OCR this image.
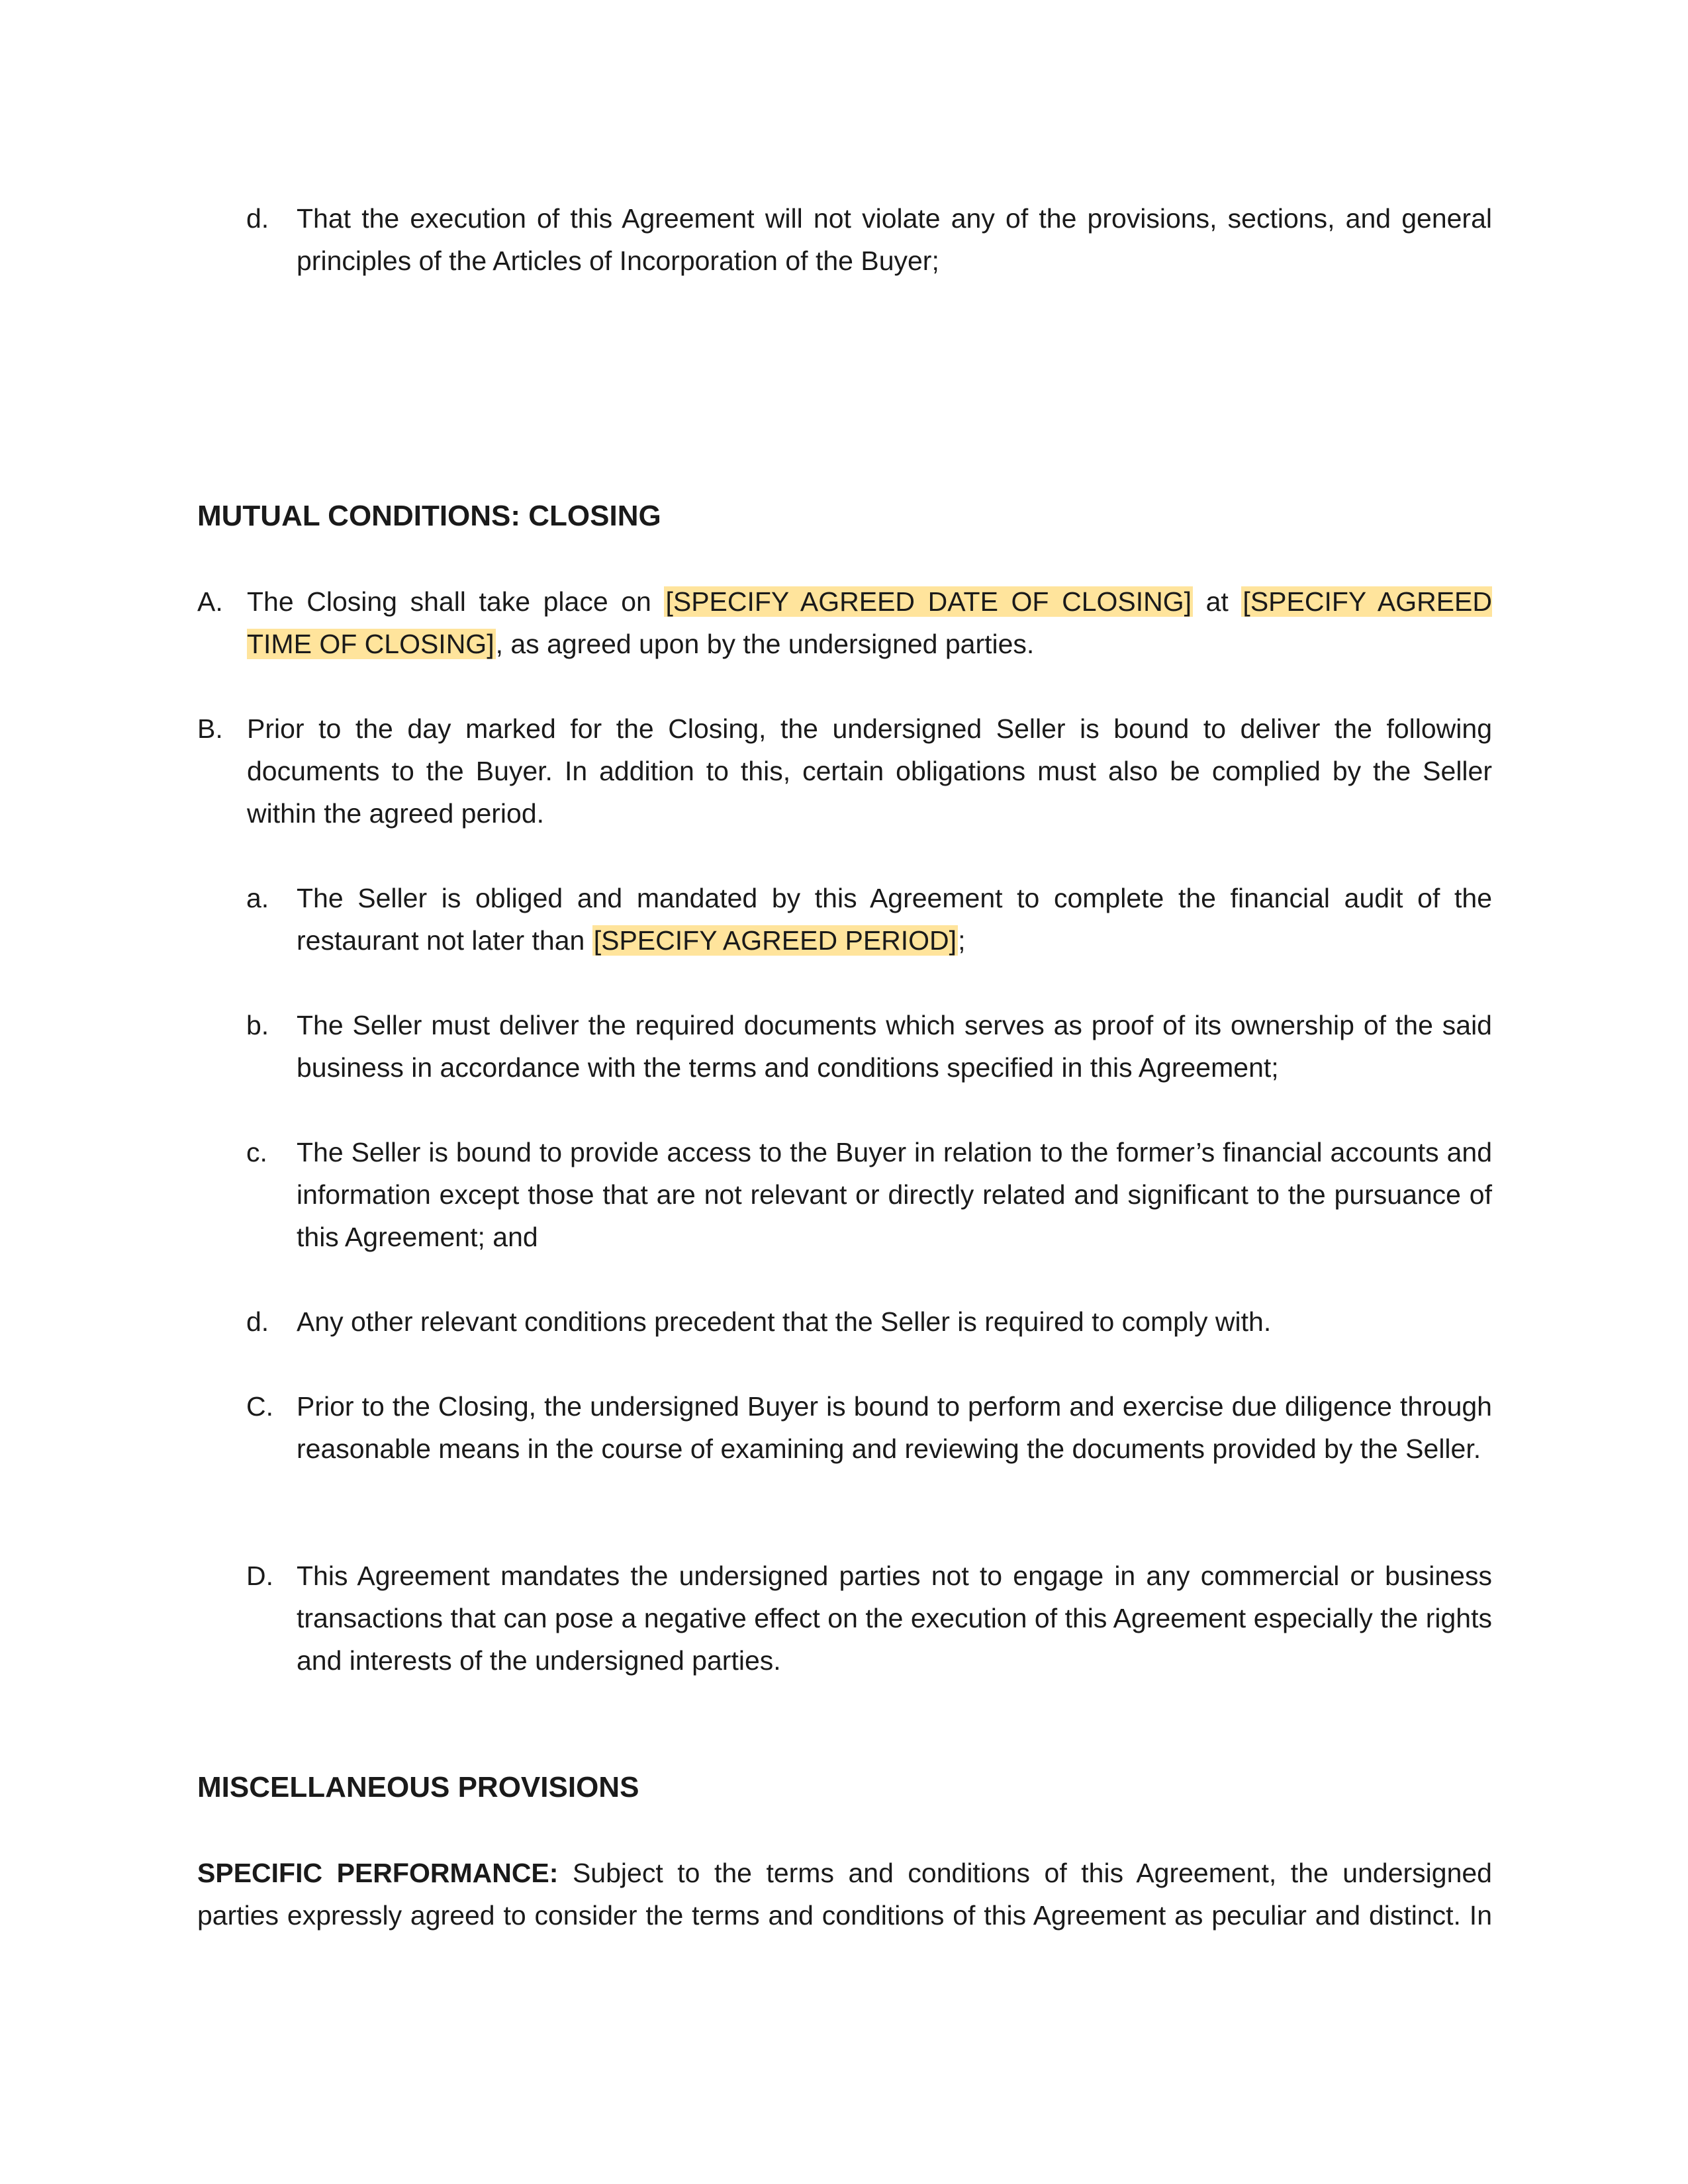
d. That the execution of this Agreement will not violate any of the provisions, sections, and general principles of the Articles of Incorporation of the Buyer;
MUTUAL CONDITIONS: CLOSING
A. The Closing shall take place on [SPECIFY AGREED DATE OF CLOSING] at [SPECIFY AGREED TIME OF CLOSING], as agreed upon by the undersigned parties.
B. Prior to the day marked for the Closing, the undersigned Seller is bound to deliver the following documents to the Buyer. In addition to this, certain obligations must also be complied by the Seller within the agreed period.
a. The Seller is obliged and mandated by this Agreement to complete the financial audit of the restaurant not later than [SPECIFY AGREED PERIOD];
b. The Seller must deliver the required documents which serves as proof of its ownership of the said business in accordance with the terms and conditions specified in this Agreement;
c. The Seller is bound to provide access to the Buyer in relation to the former’s financial accounts and information except those that are not relevant or directly related and significant to the pursuance of this Agreement; and
d. Any other relevant conditions precedent that the Seller is required to comply with.
C. Prior to the Closing, the undersigned Buyer is bound to perform and exercise due diligence through reasonable means in the course of examining and reviewing the documents provided by the Seller.
D. This Agreement mandates the undersigned parties not to engage in any commercial or business transactions that can pose a negative effect on the execution of this Agreement especially the rights and interests of the undersigned parties.
MISCELLANEOUS PROVISIONS
SPECIFIC PERFORMANCE: Subject to the terms and conditions of this Agreement, the undersigned parties expressly agreed to consider the terms and conditions of this Agreement as peculiar and distinct. In
